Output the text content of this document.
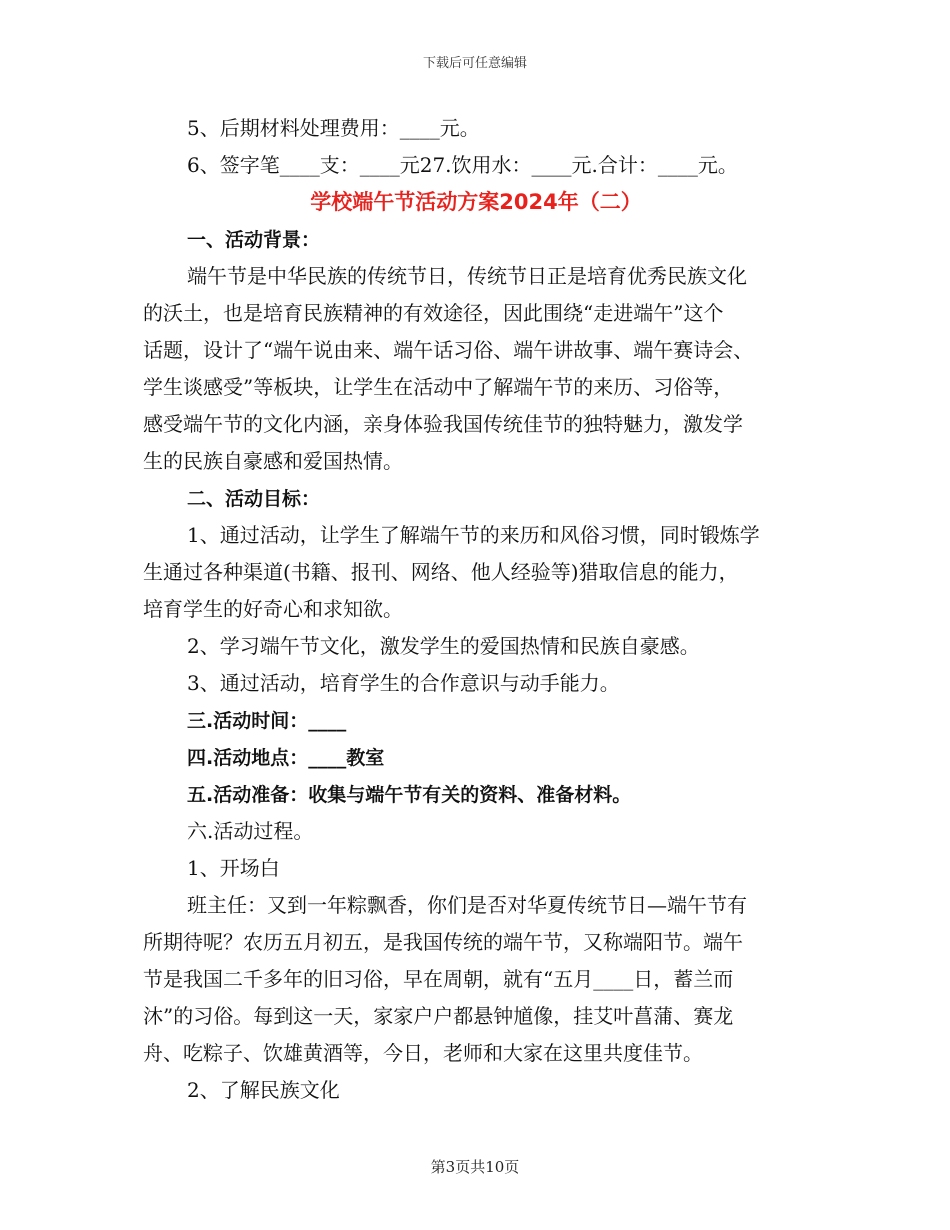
下载后可任意编辑
5、后期材料处理费用：____元。
6、签字笔____支：____元27.饮用水：____元.合计：____元。
学校端午节活动方案2024年（二）
一、活动背景：
端午节是中华民族的传统节日，传统节日正是培育优秀民族文化
的沃土，也是培育民族精神的有效途径，因此围绕“走进端午”这个
话题，设计了“端午说由来、端午话习俗、端午讲故事、端午赛诗会、
学生谈感受”等板块，让学生在活动中了解端午节的来历、习俗等，
感受端午节的文化内涵，亲身体验我国传统佳节的独特魅力，激发学
生的民族自豪感和爱国热情。
二、活动目标：
1、通过活动，让学生了解端午节的来历和风俗习惯，同时锻炼学
生通过各种渠道(书籍、报刊、网络、他人经验等)猎取信息的能力，
培育学生的好奇心和求知欲。
2、学习端午节文化，激发学生的爱国热情和民族自豪感。
3、通过活动，培育学生的合作意识与动手能力。
三.活动时间：____
四.活动地点：____教室
五.活动准备：收集与端午节有关的资料、准备材料。
六.活动过程。
1、开场白
班主任：又到一年粽飘香，你们是否对华夏传统节日—端午节有
所期待呢？农历五月初五，是我国传统的端午节，又称端阳节。端午
节是我国二千多年的旧习俗，早在周朝，就有“五月____日，蓄兰而
沐”的习俗。每到这一天，家家户户都悬钟馗像，挂艾叶菖蒲、赛龙
舟、吃粽子、饮雄黄酒等，今日，老师和大家在这里共度佳节。
2、了解民族文化
第3页共10页
